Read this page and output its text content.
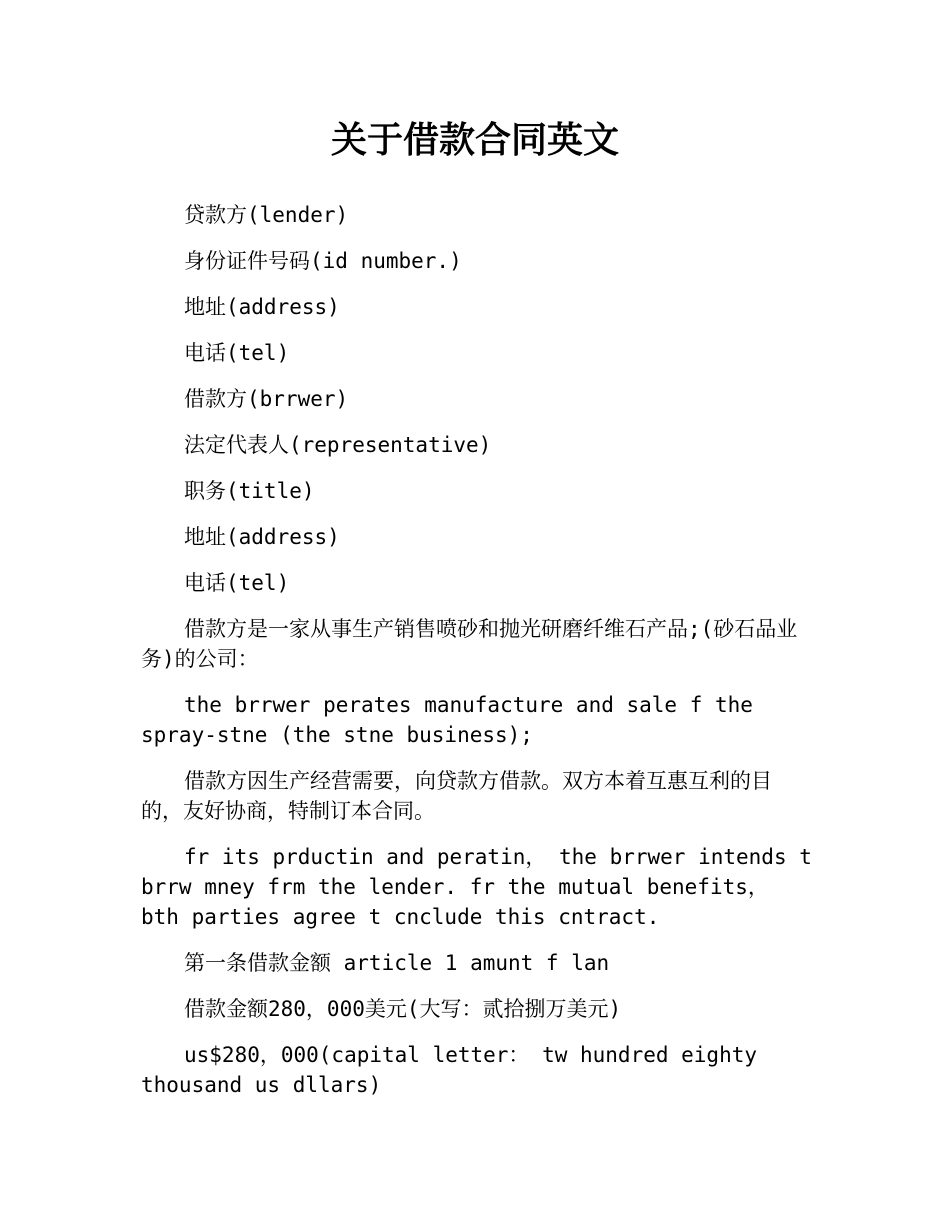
关于借款合同英文

贷款方(lender)

身份证件号码(id number.)

地址(address)

电话(tel)

借款方(brrwer)

法定代表人(representative)

职务(title)

地址(address)

电话(tel)

借款方是一家从事生产销售喷砂和抛光研磨纤维石产品;(砂石品业务)的公司：

the brrwer perates manufacture and sale f the spray-stne (the stne business);

借款方因生产经营需要，向贷款方借款。双方本着互惠互利的目的，友好协商，特制订本合同。

fr its prductin and peratin， the brrwer intends t brrw mney frm the lender. fr the mutual benefits， bth parties agree t cnclude this cntract.

第一条借款金额 article 1 amunt f lan

借款金额280，000美元(大写：贰拾捌万美元)

us$280，000(capital letter： tw hundred eighty thousand us dllars)
